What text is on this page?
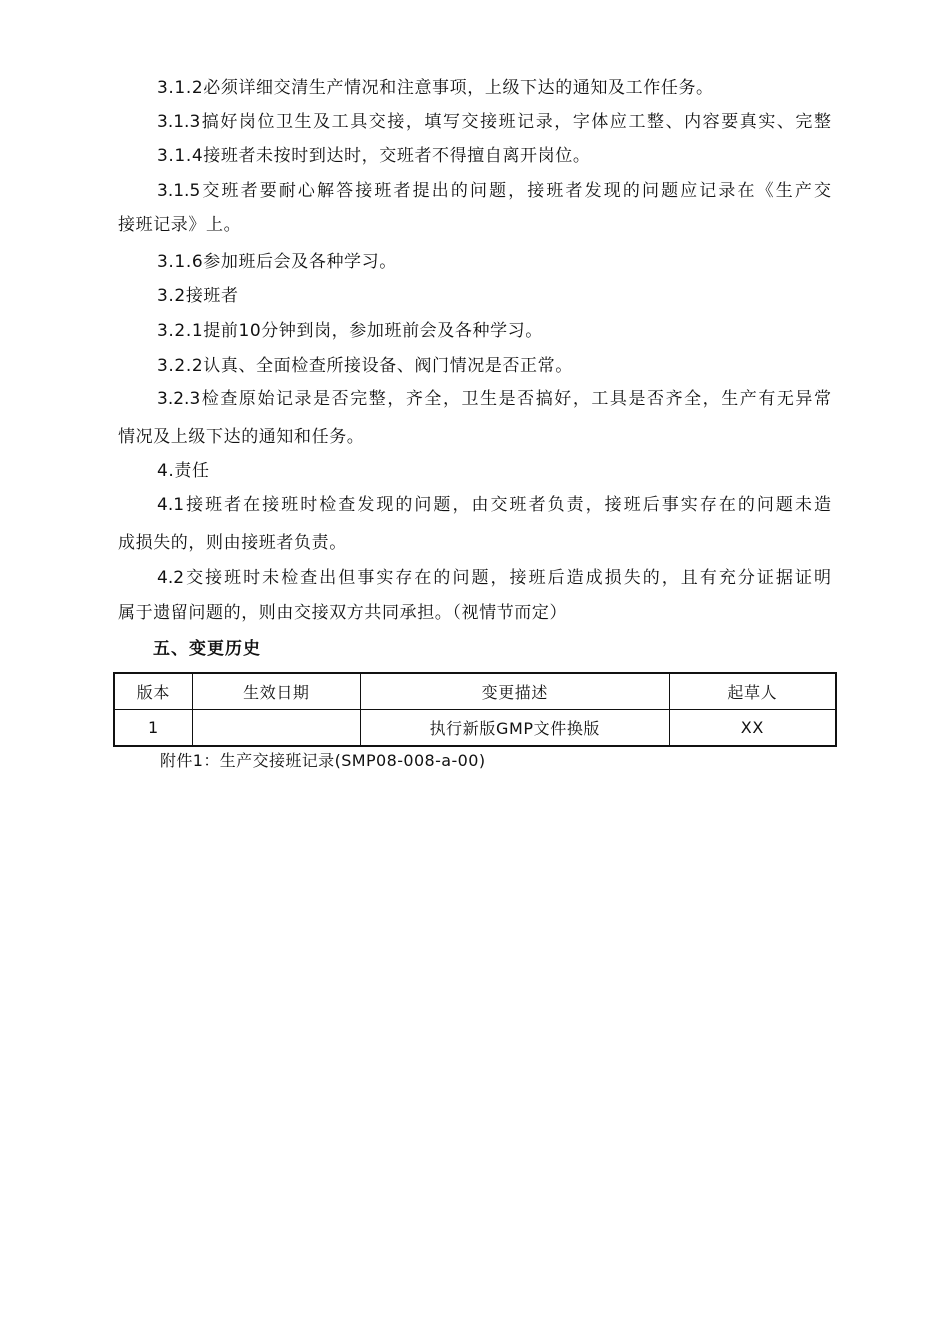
3.1.2必须详细交清生产情况和注意事项，上级下达的通知及工作任务。
3.1.3搞好岗位卫生及工具交接，填写交接班记录，字体应工整、内容要真实、完整
3.1.4接班者未按时到达时，交班者不得擅自离开岗位。
3.1.5交班者要耐心解答接班者提出的问题，接班者发现的问题应记录在《生产交
接班记录》上。
3.1.6参加班后会及各种学习。
3.2接班者
3.2.1提前10分钟到岗，参加班前会及各种学习。
3.2.2认真、全面检查所接设备、阀门情况是否正常。
3.2.3检查原始记录是否完整，齐全，卫生是否搞好，工具是否齐全，生产有无异常
情况及上级下达的通知和任务。
4.责任
4.1接班者在接班时检查发现的问题，由交班者负责，接班后事实存在的问题未造
成损失的，则由接班者负责。
4.2交接班时未检查出但事实存在的问题，接班后造成损失的，且有充分证据证明
属于遗留问题的，则由交接双方共同承担。（视情节而定）
五、变更历史
版本	生效日期	变更描述	起草人
1		执行新版GMP文件换版	XX
附件1：生产交接班记录(SMP08-008-a-00)
